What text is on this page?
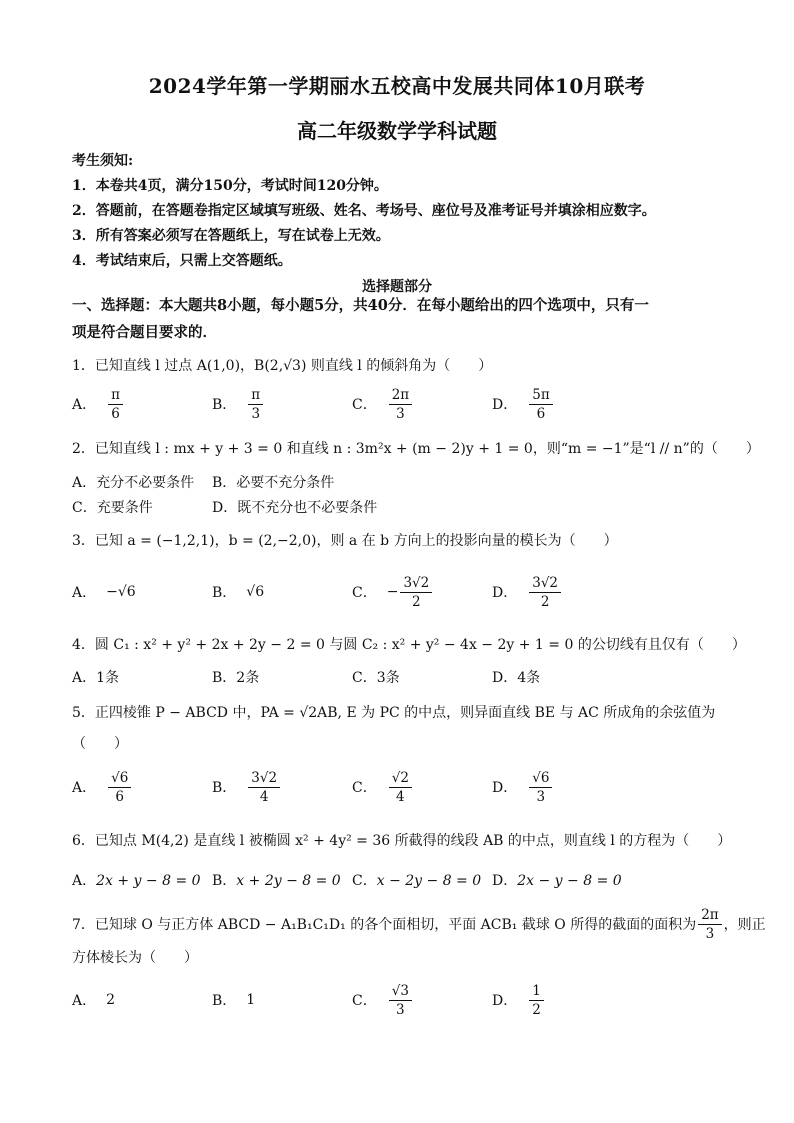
2024学年第一学期丽水五校高中发展共同体10月联考
高二年级数学学科试题
考生须知:
1．本卷共4页，满分150分，考试时间120分钟。
2．答题前，在答题卷指定区域填写班级、姓名、考场号、座位号及准考证号并填涂相应数字。
3．所有答案必须写在答题纸上，写在试卷上无效。
4．考试结束后，只需上交答题纸。
选择题部分
一、选择题：本大题共8小题，每小题5分，共40分．在每小题给出的四个选项中，只有一
项是符合题目要求的．
1．已知直线 l 过点 A(1,0)，B(2,√3) 则直线 l 的倾斜角为（　　）
A． $\frac{\pi}{6}$	B． $\frac{\pi}{3}$	C． $\frac{2\pi}{3}$	D． $\frac{5\pi}{6}$
2．已知直线 l : mx + y + 3 = 0 和直线 n : 3m²x + (m − 2)y + 1 = 0，则“m = −1”是“l // n”的（　　）
A．充分不必要条件 B．必要不充分条件
C．充要条件	D．既不充分也不必要条件
3．已知 a = (−1,2,1)，b = (2,−2,0)，则 a 在 b 方向上的投影向量的模长为（　　）
A． −√6	B． √6	C． − $\frac{3√2}{2}$	D． $\frac{3√2}{2}$
4．圆 C₁ : x² + y² + 2x + 2y − 2 = 0 与圆 C₂ : x² + y² − 4x − 2y + 1 = 0 的公切线有且仅有（　　）
A．1条	B．2条	C．3条	D．4条
5．正四棱锥 P − ABCD 中，PA = √2AB, E 为 PC 的中点，则异面直线 BE 与 AC 所成角的余弦值为
（　　）
A． $\frac{√6}{6}$	B． $\frac{3√2}{4}$	C． $\frac{√2}{4}$	D． $\frac{√6}{3}$
6．已知点 M(4,2) 是直线 l 被椭圆 x² + 4y² = 36 所截得的线段 AB 的中点，则直线 l 的方程为（　　）
A．2x + y − 8 = 0 B．x + 2y − 8 = 0 C．x − 2y − 8 = 0 D．2x − y − 8 = 0
7．已知球 O 与正方体 ABCD − A₁B₁C₁D₁ 的各个面相切，平面 ACB₁ 截球 O 所得的截面的面积为 $\frac{2\pi}{3}$ ，则正
方体棱长为（　　）
A． 2	B． 1	C． $\frac{√3}{3}$	D． $\frac{1}{2}$
